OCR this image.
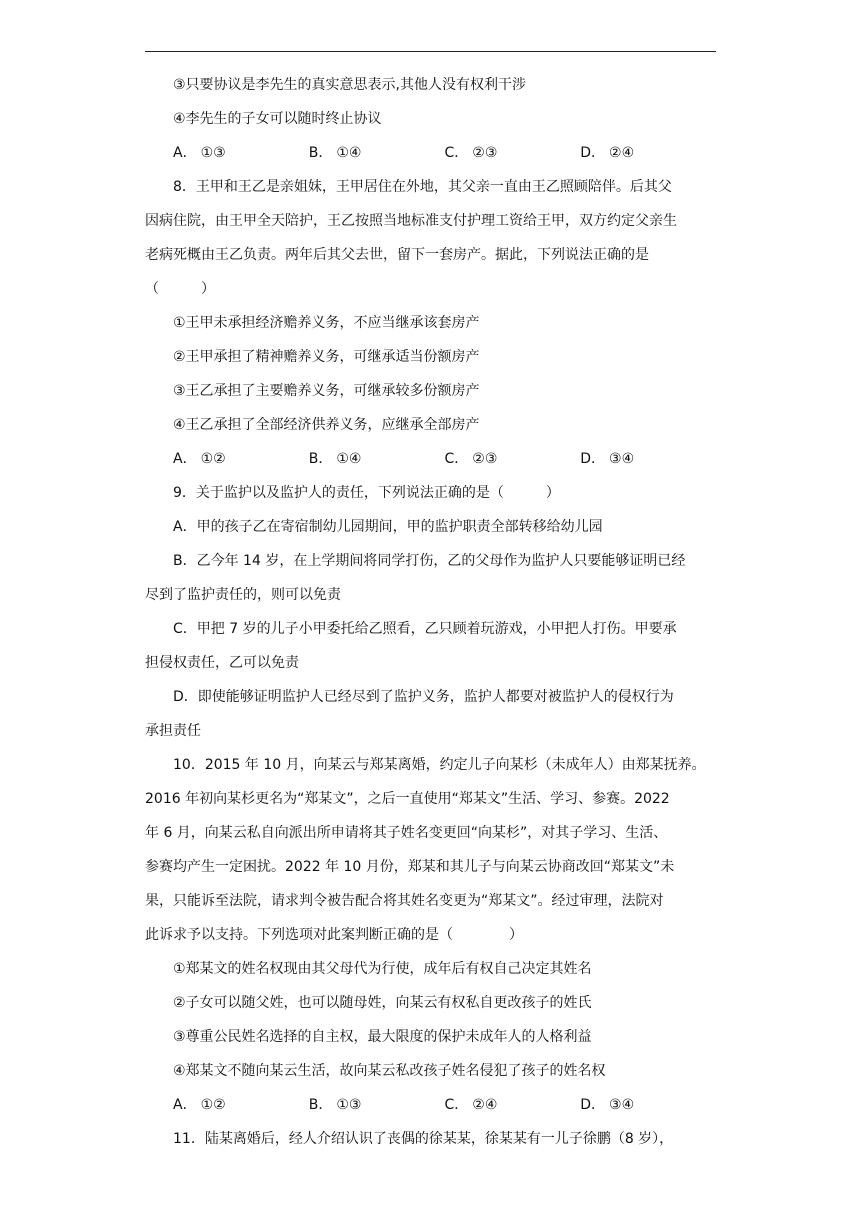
③只要协议是李先生的真实意思表示,其他人没有权利干涉
④李先生的子女可以随时终止协议
A． ①③	B． ①④	C． ②③	D． ②④
8．王甲和王乙是亲姐妹，王甲居住在外地，其父亲一直由王乙照顾陪伴。后其父
因病住院，由王甲全天陪护，王乙按照当地标准支付护理工资给王甲，双方约定父亲生
老病死概由王乙负责。两年后其父去世，留下一套房产。据此，下列说法正确的是
（　　　）
①王甲未承担经济赡养义务，不应当继承该套房产
②王甲承担了精神赡养义务，可继承适当份额房产
③王乙承担了主要赡养义务，可继承较多份额房产
④王乙承担了全部经济供养义务，应继承全部房产
A． ①②	B． ①④	C． ②③	D． ③④
9．关于监护以及监护人的责任，下列说法正确的是（　　　）
A．甲的孩子乙在寄宿制幼儿园期间，甲的监护职责全部转移给幼儿园
B．乙今年 14 岁，在上学期间将同学打伤，乙的父母作为监护人只要能够证明已经
尽到了监护责任的，则可以免责
C．甲把 7 岁的儿子小甲委托给乙照看，乙只顾着玩游戏，小甲把人打伤。甲要承
担侵权责任，乙可以免责
D．即使能够证明监护人已经尽到了监护义务，监护人都要对被监护人的侵权行为
承担责任
10．2015 年 10 月，向某云与郑某离婚，约定儿子向某杉（未成年人）由郑某抚养。
2016 年初向某杉更名为“郑某文”，之后一直使用“郑某文”生活、学习、参赛。2022
年 6 月，向某云私自向派出所申请将其子姓名变更回“向某杉”，对其子学习、生活、
参赛均产生一定困扰。2022 年 10 月份，郑某和其儿子与向某云协商改回“郑某文”未
果，只能诉至法院，请求判令被告配合将其姓名变更为“郑某文”。经过审理，法院对
此诉求予以支持。下列选项对此案判断正确的是（　　　　）
①郑某文的姓名权现由其父母代为行使，成年后有权自己决定其姓名
②子女可以随父姓，也可以随母姓，向某云有权私自更改孩子的姓氏
③尊重公民姓名选择的自主权，最大限度的保护未成年人的人格利益
④郑某文不随向某云生活，故向某云私改孩子姓名侵犯了孩子的姓名权
A． ①②	B． ①③	C． ②④	D． ③④
11．陆某离婚后，经人介绍认识了丧偶的徐某某，徐某某有一儿子徐鹏（8 岁），
